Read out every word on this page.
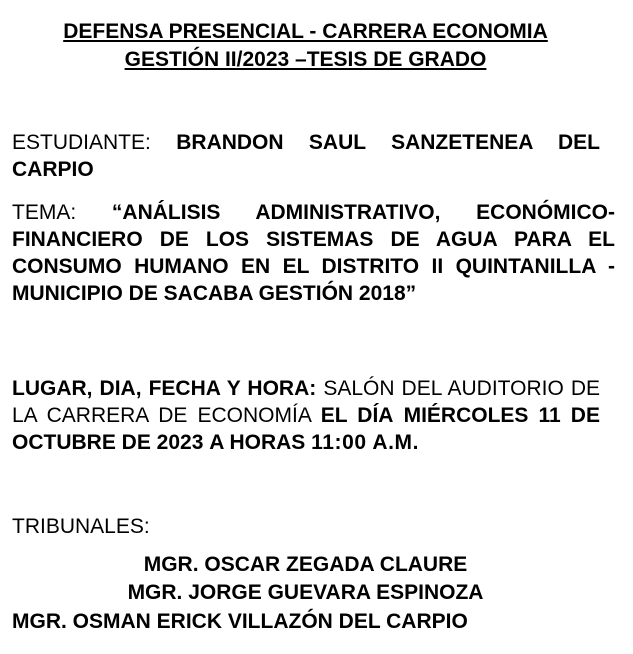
DEFENSA PRESENCIAL - CARRERA ECONOMIA
GESTIÓN II/2023 –TESIS DE GRADO
ESTUDIANTE: BRANDON SAUL SANZETENEA DEL CARPIO
TEMA: “ANÁLISIS ADMINISTRATIVO, ECONÓMICO-FINANCIERO DE LOS SISTEMAS DE AGUA PARA EL CONSUMO HUMANO EN EL DISTRITO II QUINTANILLA - MUNICIPIO DE SACABA GESTIÓN 2018”
LUGAR, DIA, FECHA Y HORA: SALÓN DEL AUDITORIO DE LA CARRERA DE ECONOMÍA EL DÍA MIÉRCOLES 11 DE OCTUBRE DE 2023 A HORAS 11:00 A.M.
TRIBUNALES:
MGR. OSCAR ZEGADA CLAURE
MGR. JORGE GUEVARA ESPINOZA
MGR. OSMAN ERICK VILLAZÓN DEL CARPIO
